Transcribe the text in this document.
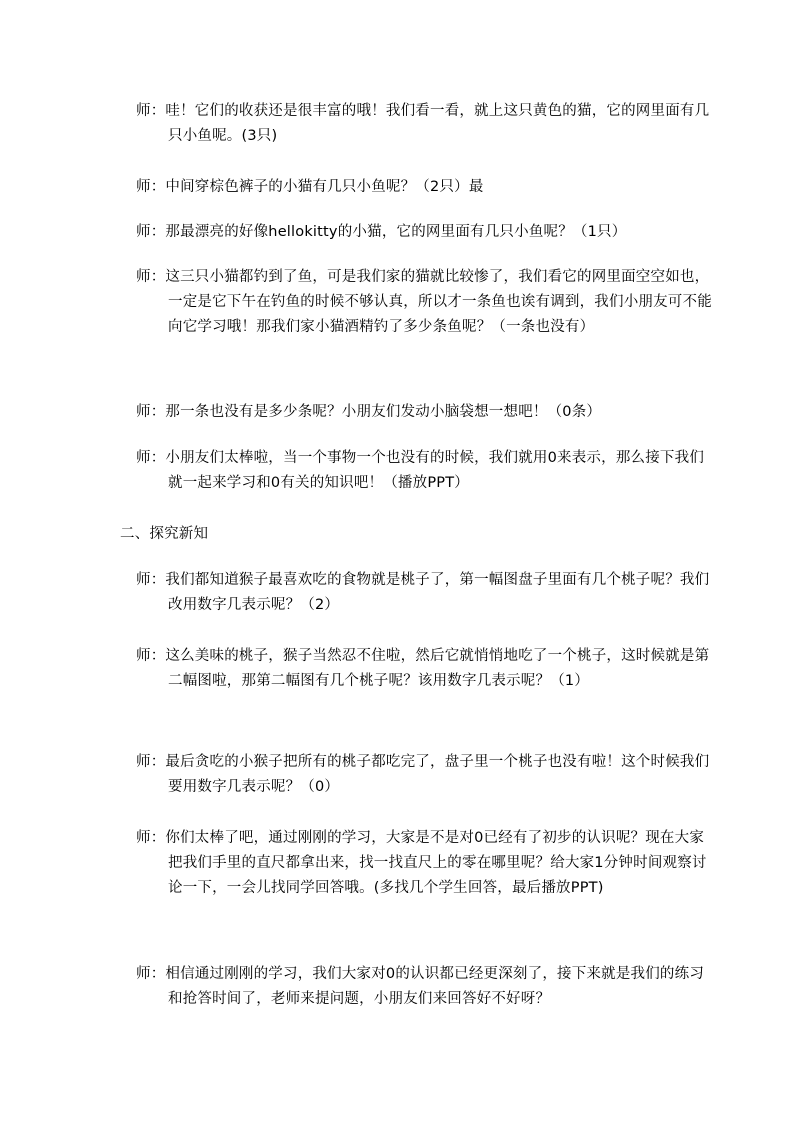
师：哇！它们的收获还是很丰富的哦！我们看一看，就上这只黄色的猫，它的网里面有几只小鱼呢。(3只)
师：中间穿棕色裤子的小猫有几只小鱼呢？（2只）最
师：那最漂亮的好像hellokitty的小猫，它的网里面有几只小鱼呢？（1只）
师：这三只小猫都钓到了鱼，可是我们家的猫就比较惨了，我们看它的网里面空空如也，一定是它下午在钓鱼的时候不够认真，所以才一条鱼也诶有调到，我们小朋友可不能向它学习哦！那我们家小猫酒精钓了多少条鱼呢？（一条也没有）
师：那一条也没有是多少条呢？小朋友们发动小脑袋想一想吧！（0条）
师：小朋友们太棒啦，当一个事物一个也没有的时候，我们就用0来表示，那么接下我们就一起来学习和0有关的知识吧！（播放PPT）
二、探究新知
师：我们都知道猴子最喜欢吃的食物就是桃子了，第一幅图盘子里面有几个桃子呢？我们改用数字几表示呢？（2）
师：这么美味的桃子，猴子当然忍不住啦，然后它就悄悄地吃了一个桃子，这时候就是第二幅图啦，那第二幅图有几个桃子呢？该用数字几表示呢？（1）
师：最后贪吃的小猴子把所有的桃子都吃完了，盘子里一个桃子也没有啦！这个时候我们要用数字几表示呢？（0）
师：你们太棒了吧，通过刚刚的学习，大家是不是对0已经有了初步的认识呢？现在大家把我们手里的直尺都拿出来，找一找直尺上的零在哪里呢？给大家1分钟时间观察讨论一下，一会儿找同学回答哦。(多找几个学生回答，最后播放PPT)
师：相信通过刚刚的学习，我们大家对0的认识都已经更深刻了，接下来就是我们的练习和抢答时间了，老师来提问题，小朋友们来回答好不好呀？
